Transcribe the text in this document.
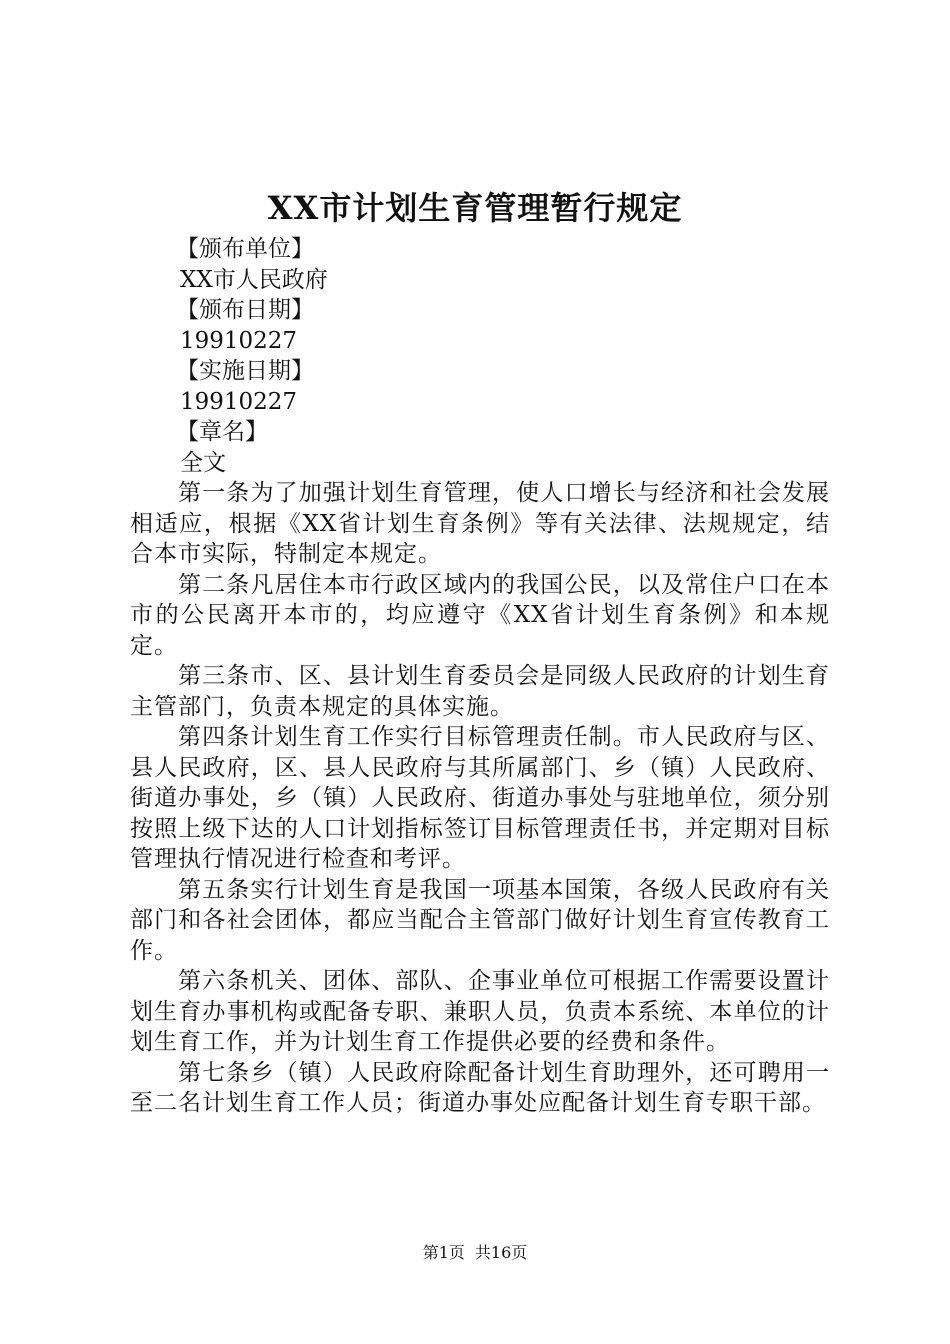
XX市计划生育管理暂行规定
【颁布单位】
XX市人民政府
【颁布日期】
19910227
【实施日期】
19910227
【章名】
全文

第一条为了加强计划生育管理，使人口增长与经济和社会发展相适应，根据《XX省计划生育条例》等有关法律、法规规定，结合本市实际，特制定本规定。

第二条凡居住本市行政区域内的我国公民，以及常住户口在本市的公民离开本市的，均应遵守《XX省计划生育条例》和本规定。

第三条市、区、县计划生育委员会是同级人民政府的计划生育主管部门，负责本规定的具体实施。

第四条计划生育工作实行目标管理责任制。市人民政府与区、县人民政府，区、县人民政府与其所属部门、乡（镇）人民政府、街道办事处，乡（镇）人民政府、街道办事处与驻地单位，须分别按照上级下达的人口计划指标签订目标管理责任书，并定期对目标管理执行情况进行检查和考评。

第五条实行计划生育是我国一项基本国策，各级人民政府有关部门和各社会团体，都应当配合主管部门做好计划生育宣传教育工作。

第六条机关、团体、部队、企事业单位可根据工作需要设置计划生育办事机构或配备专职、兼职人员，负责本系统、本单位的计划生育工作，并为计划生育工作提供必要的经费和条件。

第七条乡（镇）人民政府除配备计划生育助理外，还可聘用一至二名计划生育工作人员；街道办事处应配备计划生育专职干部。

第1页 共16页
